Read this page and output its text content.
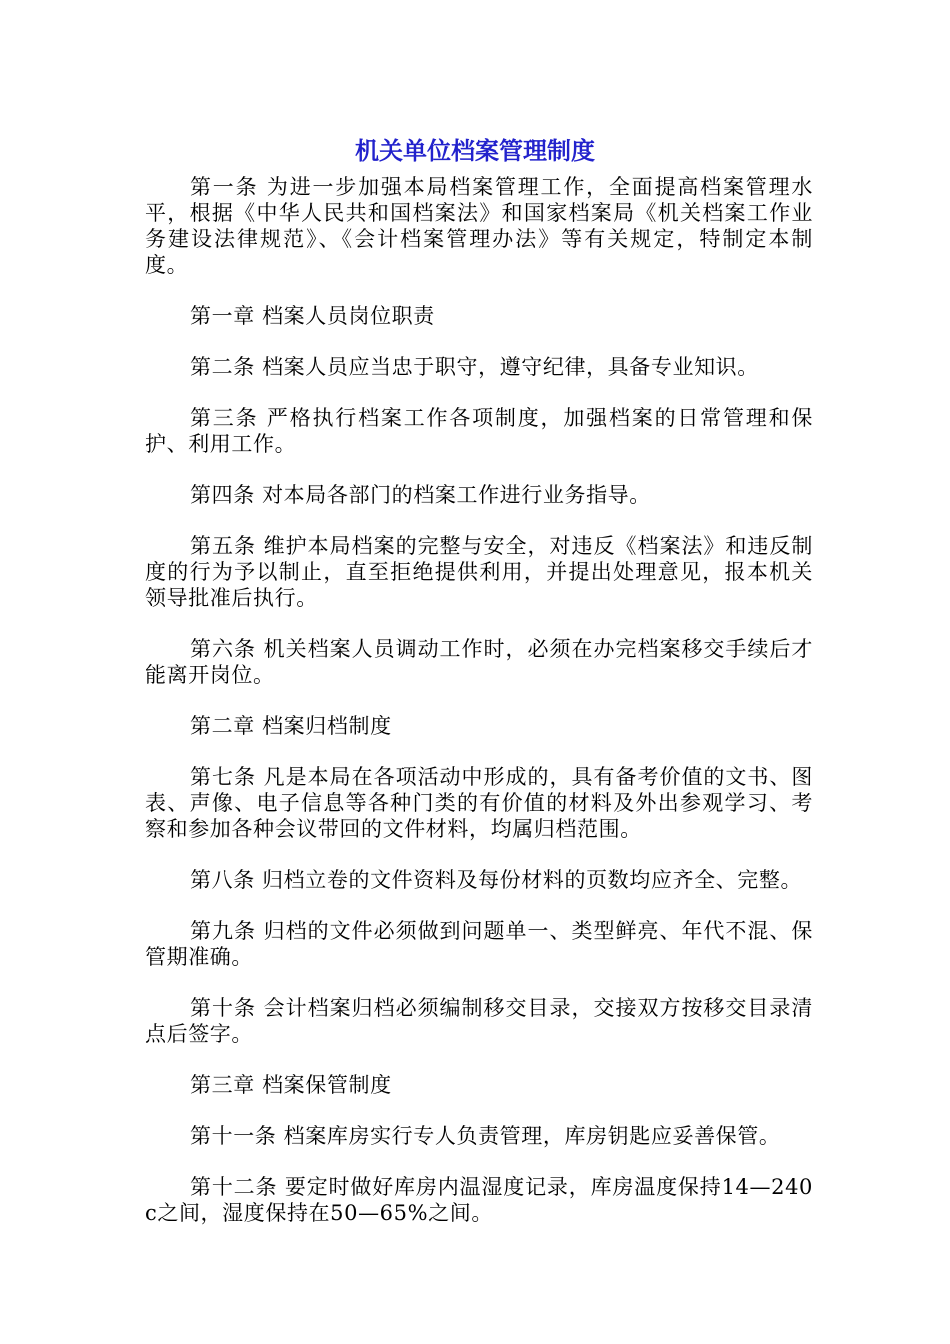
机关单位档案管理制度

第一条 为进一步加强本局档案管理工作，全面提高档案管理水平，根据《中华人民共和国档案法》和国家档案局《机关档案工作业务建设法律规范》、《会计档案管理办法》等有关规定，特制定本制度。

第一章 档案人员岗位职责

第二条 档案人员应当忠于职守，遵守纪律，具备专业知识。

第三条 严格执行档案工作各项制度，加强档案的日常管理和保护、利用工作。

第四条 对本局各部门的档案工作进行业务指导。

第五条 维护本局档案的完整与安全，对违反《档案法》和违反制度的行为予以制止，直至拒绝提供利用，并提出处理意见，报本机关领导批准后执行。

第六条 机关档案人员调动工作时，必须在办完档案移交手续后才能离开岗位。

第二章 档案归档制度

第七条 凡是本局在各项活动中形成的，具有备考价值的文书、图表、声像、电子信息等各种门类的有价值的材料及外出参观学习、考察和参加各种会议带回的文件材料，均属归档范围。

第八条 归档立卷的文件资料及每份材料的页数均应齐全、完整。

第九条 归档的文件必须做到问题单一、类型鲜亮、年代不混、保管期准确。

第十条 会计档案归档必须编制移交目录，交接双方按移交目录清点后签字。

第三章 档案保管制度

第十一条 档案库房实行专人负责管理，库房钥匙应妥善保管。

第十二条 要定时做好库房内温湿度记录，库房温度保持14—240c之间，湿度保持在50—65%之间。
